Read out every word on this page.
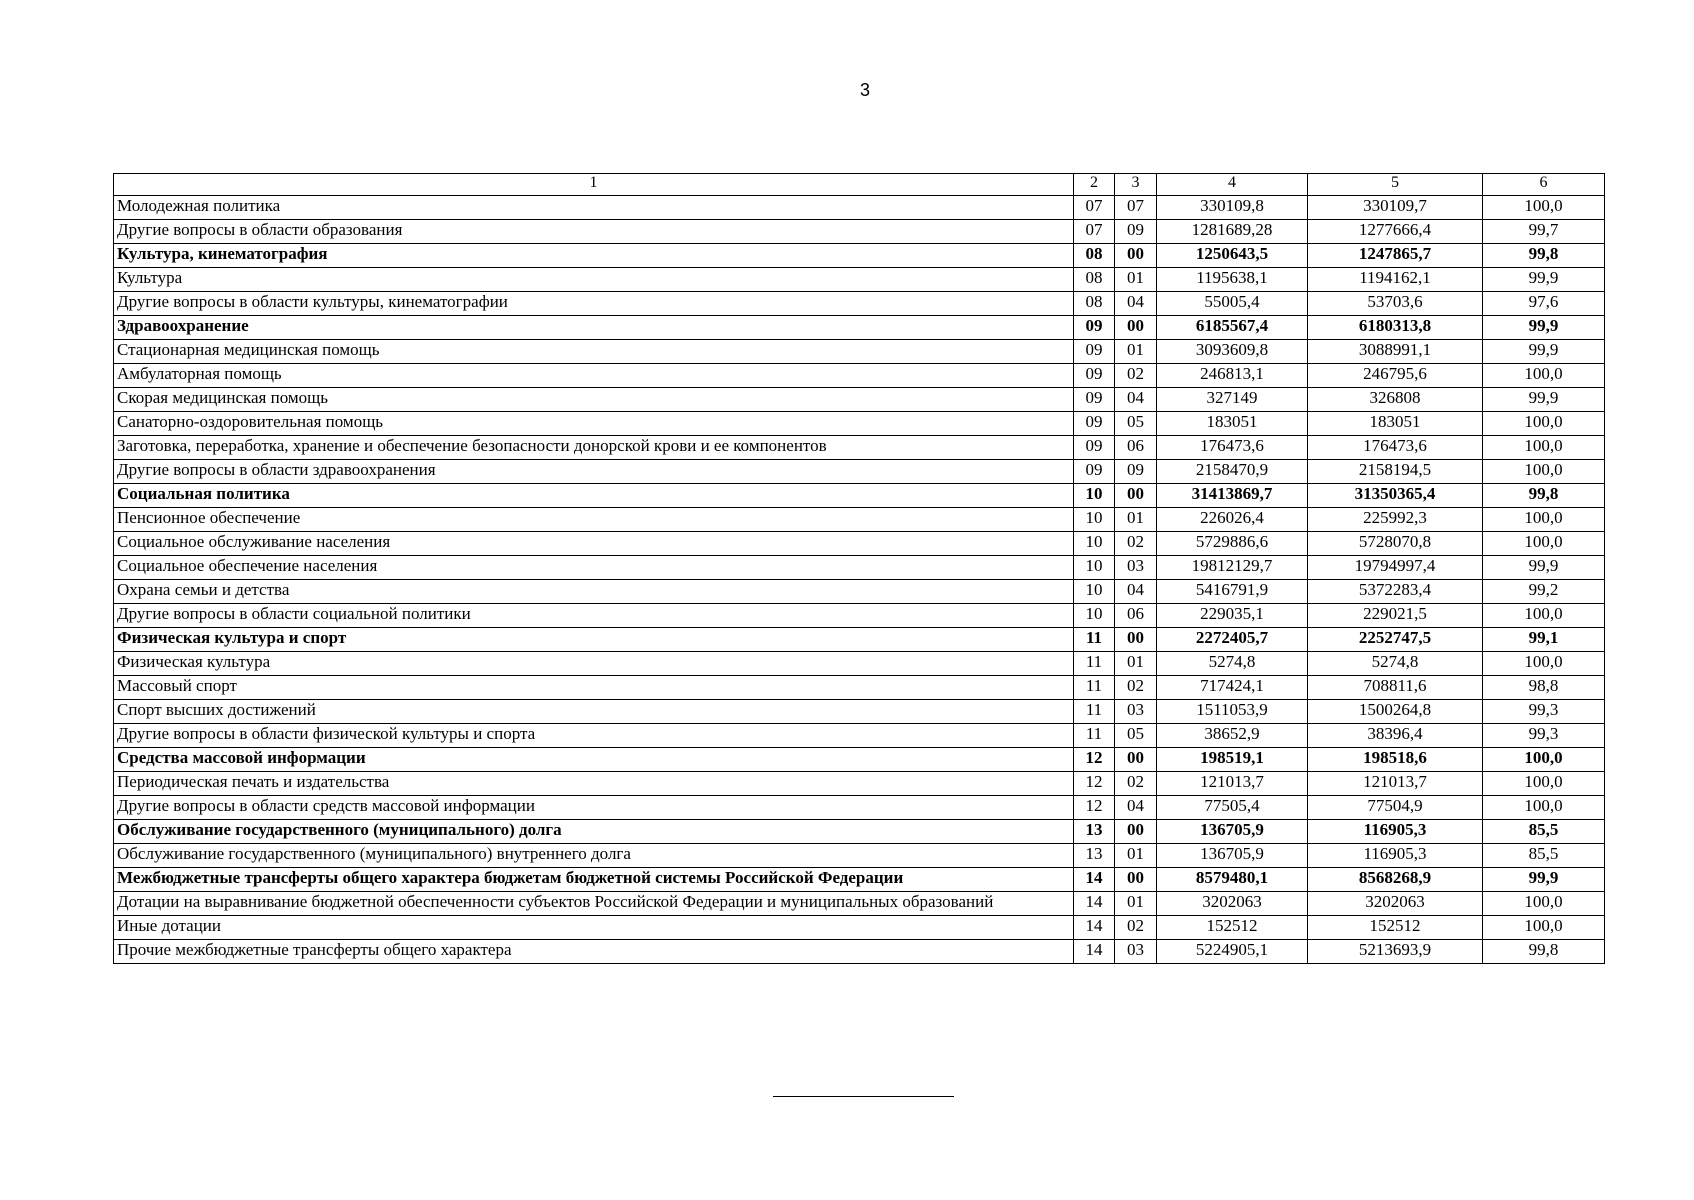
3
1	2	3	4	5	6
Молодежная политика	07	07	330109,8	330109,7	100,0
Другие вопросы в области образования	07	09	1281689,28	1277666,4	99,7
Культура, кинематография	08	00	1250643,5	1247865,7	99,8
Культура	08	01	1195638,1	1194162,1	99,9
Другие вопросы в области культуры, кинематографии	08	04	55005,4	53703,6	97,6
Здравоохранение	09	00	6185567,4	6180313,8	99,9
Стационарная медицинская помощь	09	01	3093609,8	3088991,1	99,9
Амбулаторная помощь	09	02	246813,1	246795,6	100,0
Скорая медицинская помощь	09	04	327149	326808	99,9
Санаторно-оздоровительная помощь	09	05	183051	183051	100,0
Заготовка, переработка, хранение и обеспечение безопасности донорской крови и ее компонентов	09	06	176473,6	176473,6	100,0
Другие вопросы в области здравоохранения	09	09	2158470,9	2158194,5	100,0
Социальная политика	10	00	31413869,7	31350365,4	99,8
Пенсионное обеспечение	10	01	226026,4	225992,3	100,0
Социальное обслуживание населения	10	02	5729886,6	5728070,8	100,0
Социальное обеспечение населения	10	03	19812129,7	19794997,4	99,9
Охрана семьи и детства	10	04	5416791,9	5372283,4	99,2
Другие вопросы в области социальной политики	10	06	229035,1	229021,5	100,0
Физическая культура и спорт	11	00	2272405,7	2252747,5	99,1
Физическая культура	11	01	5274,8	5274,8	100,0
Массовый спорт	11	02	717424,1	708811,6	98,8
Спорт высших достижений	11	03	1511053,9	1500264,8	99,3
Другие вопросы в области физической культуры и спорта	11	05	38652,9	38396,4	99,3
Средства массовой информации	12	00	198519,1	198518,6	100,0
Периодическая печать и издательства	12	02	121013,7	121013,7	100,0
Другие вопросы в области средств массовой информации	12	04	77505,4	77504,9	100,0
Обслуживание государственного (муниципального) долга	13	00	136705,9	116905,3	85,5
Обслуживание государственного (муниципального) внутреннего долга	13	01	136705,9	116905,3	85,5
Межбюджетные трансферты общего характера бюджетам бюджетной системы Российской Федерации	14	00	8579480,1	8568268,9	99,9
Дотации на выравнивание бюджетной обеспеченности субъектов Российской Федерации и муниципальных образований	14	01	3202063	3202063	100,0
Иные дотации	14	02	152512	152512	100,0
Прочие межбюджетные трансферты общего характера	14	03	5224905,1	5213693,9	99,8
